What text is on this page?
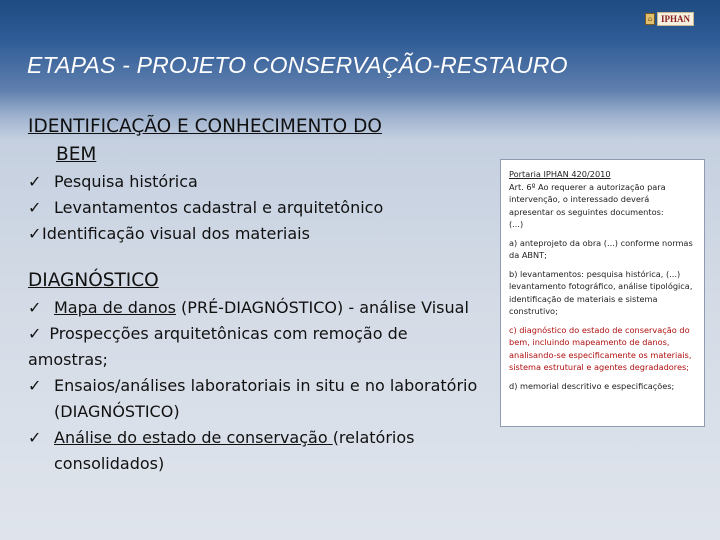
⌂ IPHAN
ETAPAS - PROJETO CONSERVAÇÃO-RESTAURO
IDENTIFICAÇÃO E CONHECIMENTO DO
BEM
✓ Pesquisa histórica
✓ Levantamentos cadastral e arquitetônico
✓ Identificação visual dos materiais
DIAGNÓSTICO
✓ Mapa de danos (PRÉ-DIAGNÓSTICO) - análise Visual
✓ Prospecções arquitetônicas com remoção de amostras;
✓ Ensaios/análises laboratoriais in situ e no laboratório (DIAGNÓSTICO)
✓ Análise do estado de conservação (relatórios consolidados)
Portaria IPHAN 420/2010

Art. 6º Ao requerer a autorização para intervenção, o interessado deverá apresentar os seguintes documentos:
(...)

a) anteprojeto da obra (...) conforme normas da ABNT;

b) levantamentos: pesquisa histórica, (...) levantamento fotográfico, análise tipológica, identificação de materiais e sistema construtivo;

c) diagnóstico do estado de conservação do bem, incluindo mapeamento de danos, analisando-se especificamente os materiais, sistema estrutural e agentes degradadores;

d) memorial descritivo e especificações;
